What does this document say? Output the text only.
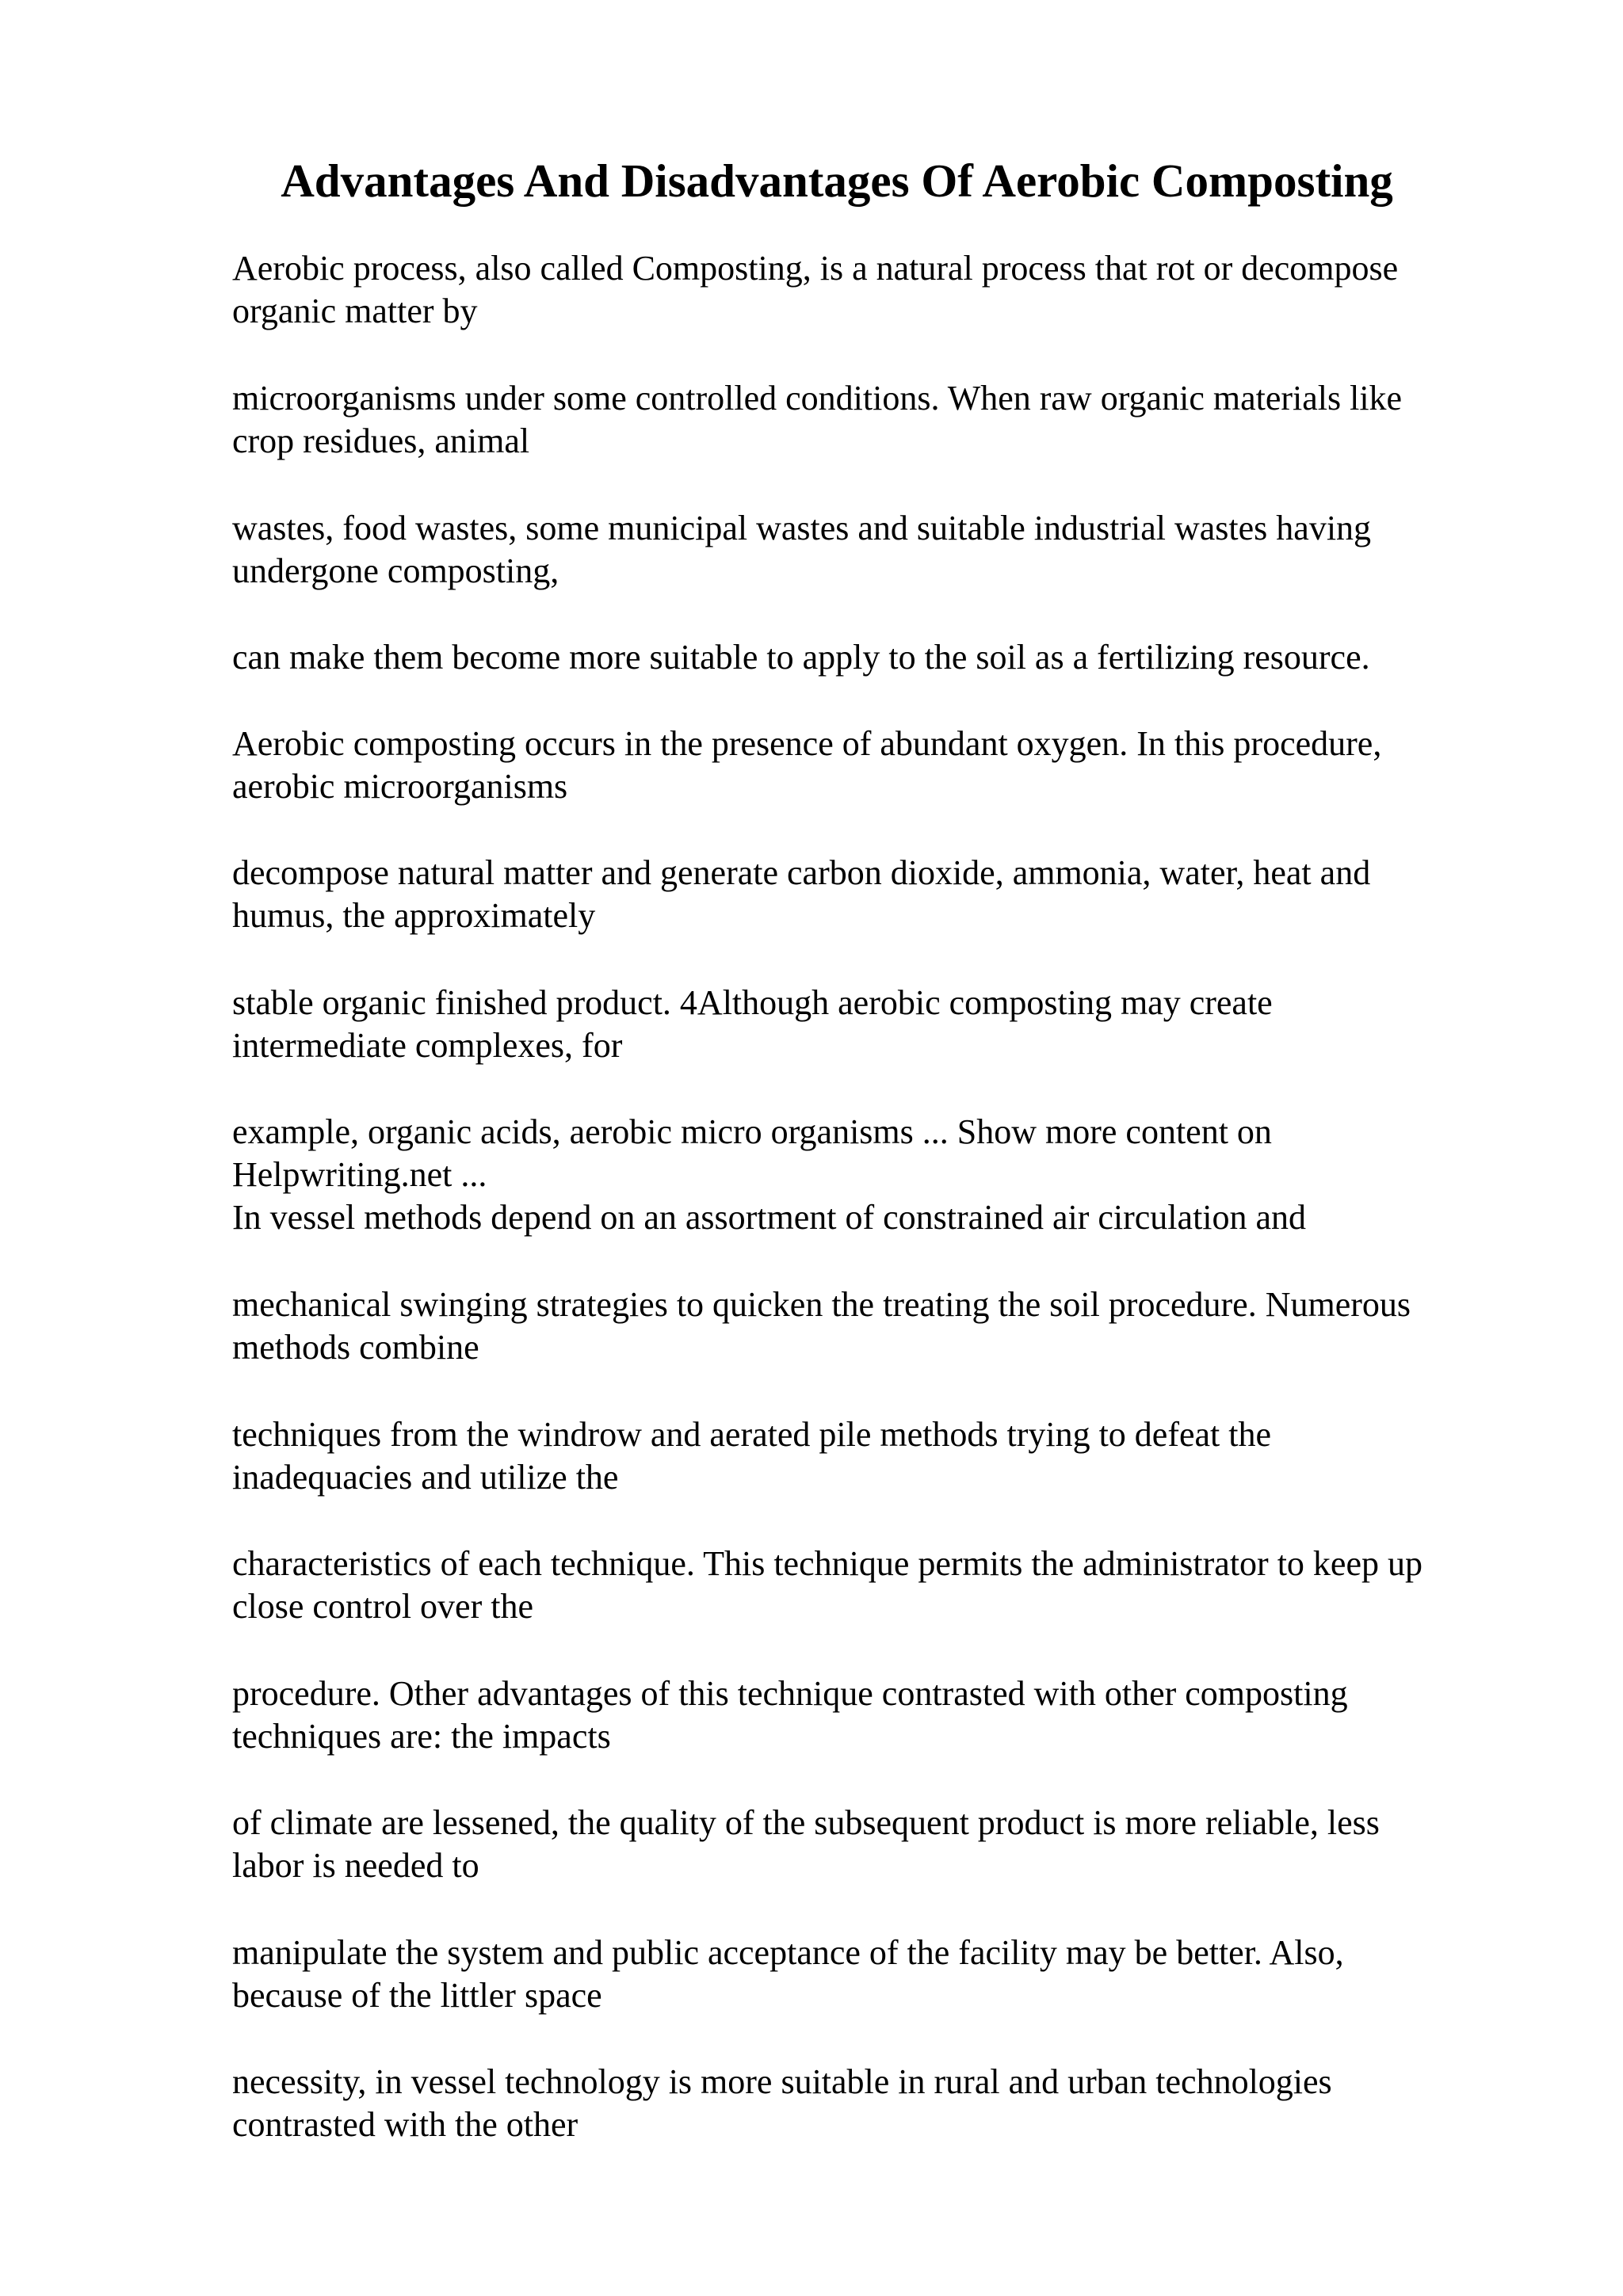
Advantages And Disadvantages Of Aerobic Composting

Aerobic process, also called Composting, is a natural process that rot or decompose
organic matter by

microorganisms under some controlled conditions. When raw organic materials like
crop residues, animal

wastes, food wastes, some municipal wastes and suitable industrial wastes having
undergone composting,

can make them become more suitable to apply to the soil as a fertilizing resource.

Aerobic composting occurs in the presence of abundant oxygen. In this procedure,
aerobic microorganisms

decompose natural matter and generate carbon dioxide, ammonia, water, heat and
humus, the approximately

stable organic finished product. 4Although aerobic composting may create
intermediate complexes, for

example, organic acids, aerobic micro organisms ... Show more content on
Helpwriting.net ...
In vessel methods depend on an assortment of constrained air circulation and

mechanical swinging strategies to quicken the treating the soil procedure. Numerous
methods combine

techniques from the windrow and aerated pile methods trying to defeat the
inadequacies and utilize the

characteristics of each technique. This technique permits the administrator to keep up
close control over the

procedure. Other advantages of this technique contrasted with other composting
techniques are: the impacts

of climate are lessened, the quality of the subsequent product is more reliable, less
labor is needed to

manipulate the system and public acceptance of the facility may be better. Also,
because of the littler space

necessity, in vessel technology is more suitable in rural and urban technologies
contrasted with the other
